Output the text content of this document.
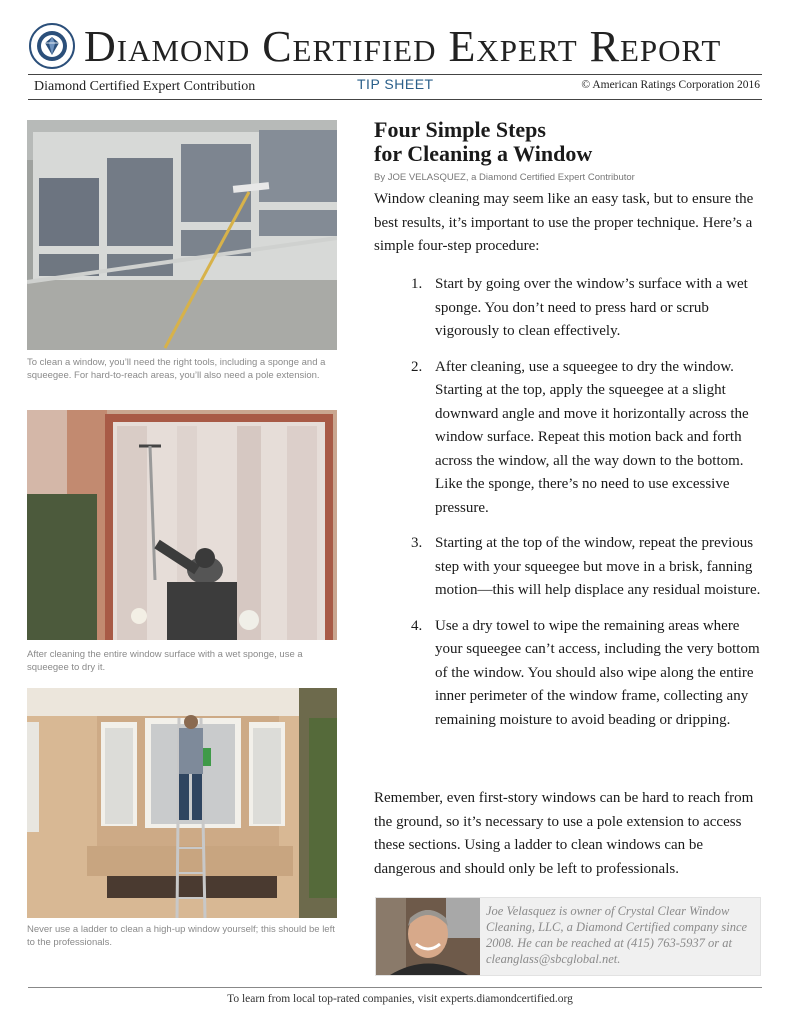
Diamond Certified Expert Report
Diamond Certified Expert Contribution	TIP SHEET	© American Ratings Corporation 2016
To clean a window, you’ll need the right tools, including a sponge and a squeegee. For hard-to-reach areas, you’ll also need a pole extension.
After cleaning the entire window surface with a wet sponge, use a squeegee to dry it.
Never use a ladder to clean a high-up window yourself; this should be left to the professionals.
Four Simple Steps
for Cleaning a Window
By JOE VELASQUEZ, a Diamond Certified Expert Contributor
Window cleaning may seem like an easy task, but to ensure the best results, it’s important to use the proper technique. Here’s a simple four-step procedure:
1. Start by going over the window’s surface with a wet sponge. You don’t need to press hard or scrub vigorously to clean effectively.
2. After cleaning, use a squeegee to dry the window. Starting at the top, apply the squeegee at a slight downward angle and move it horizontally across the window surface. Repeat this motion back and forth across the window, all the way down to the bottom. Like the sponge, there’s no need to use excessive pressure.
3. Starting at the top of the window, repeat the previous step with your squeegee but move in a brisk, fanning motion—this will help displace any residual moisture.
4. Use a dry towel to wipe the remaining areas where your squeegee can’t access, including the very bottom of the window. You should also wipe along the entire inner perimeter of the window frame, collecting any remaining moisture to avoid beading or dripping.
Remember, even first-story windows can be hard to reach from the ground, so it’s necessary to use a pole extension to access these sections. Using a ladder to clean windows can be dangerous and should only be left to professionals.
Joe Velasquez is owner of Crystal Clear Window Cleaning, LLC, a Diamond Certified company since 2008. He can be reached at (415) 763-5937 or at cleanglass@sbcglobal.net.
To learn from local top-rated companies, visit experts.diamondcertified.org
